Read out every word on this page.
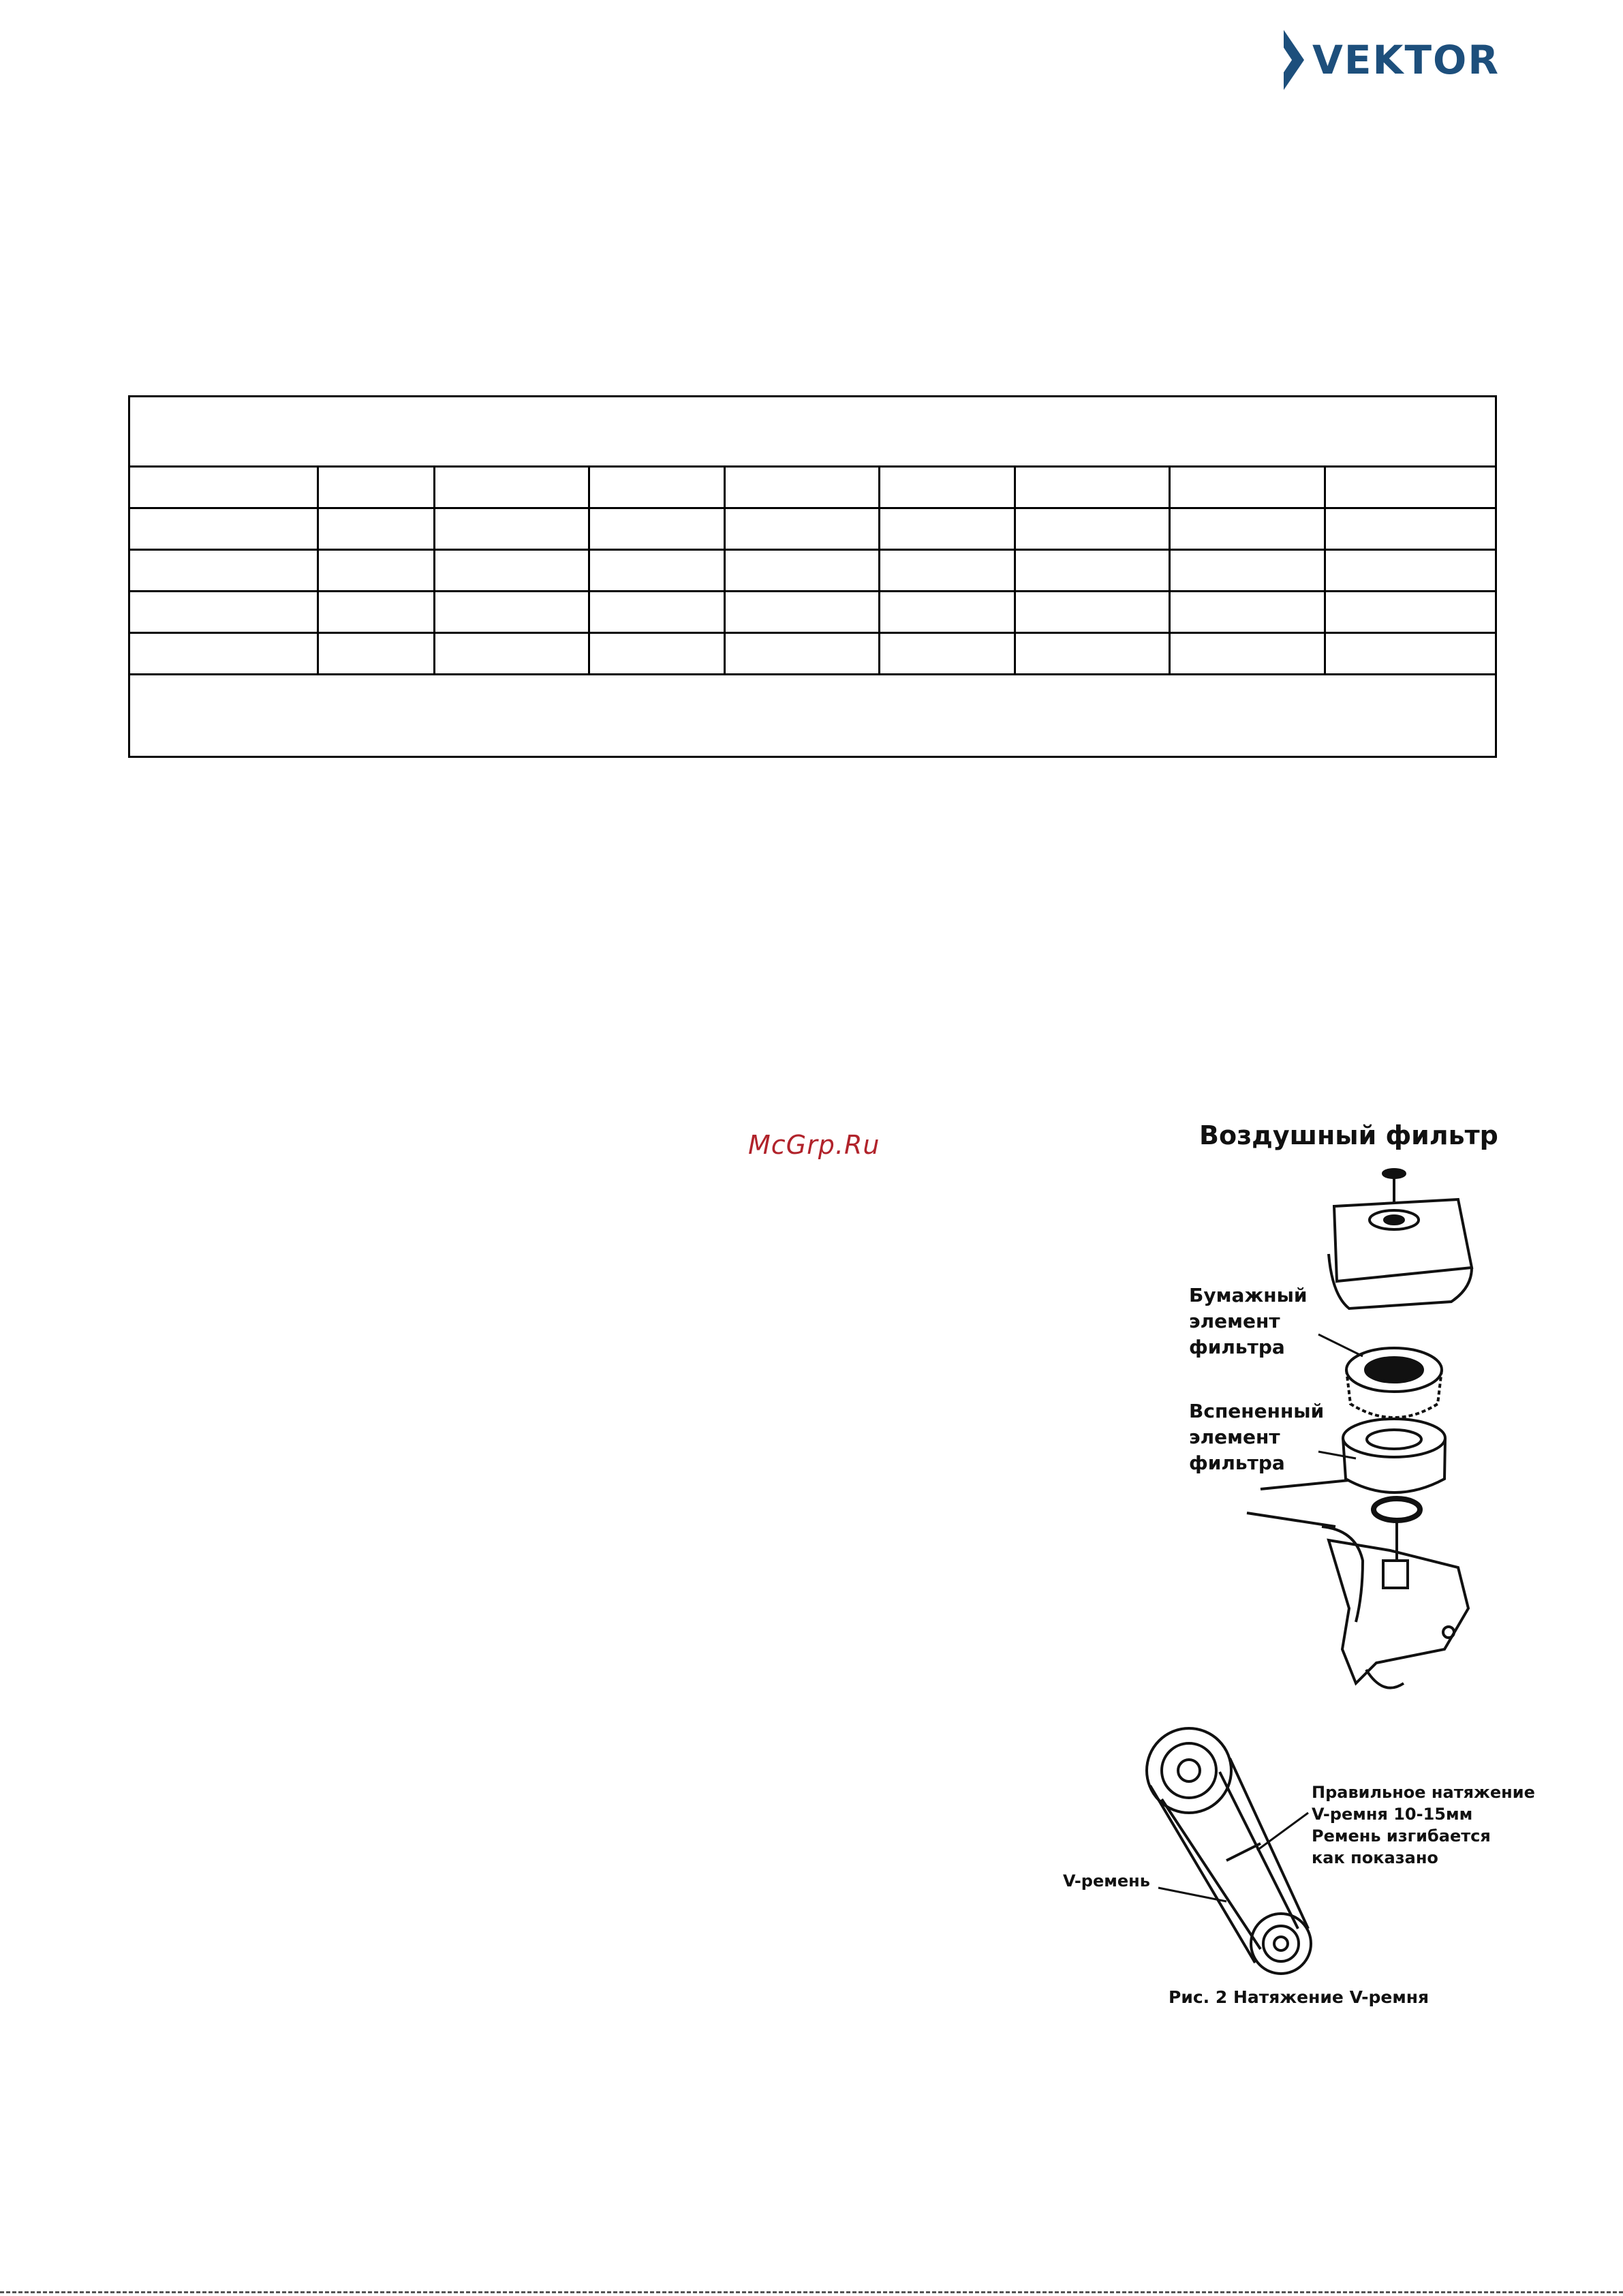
VEKTOR

McGrp.Ru	Воздушный фильтр
Бумажный
элемент
фильтра
Вспененный
элемент
фильтра
Правильное натяжение
V-ремня 10-15мм
Ремень изгибается
как показано
V-ремень
Рис. 2 Натяжение V-ремня
